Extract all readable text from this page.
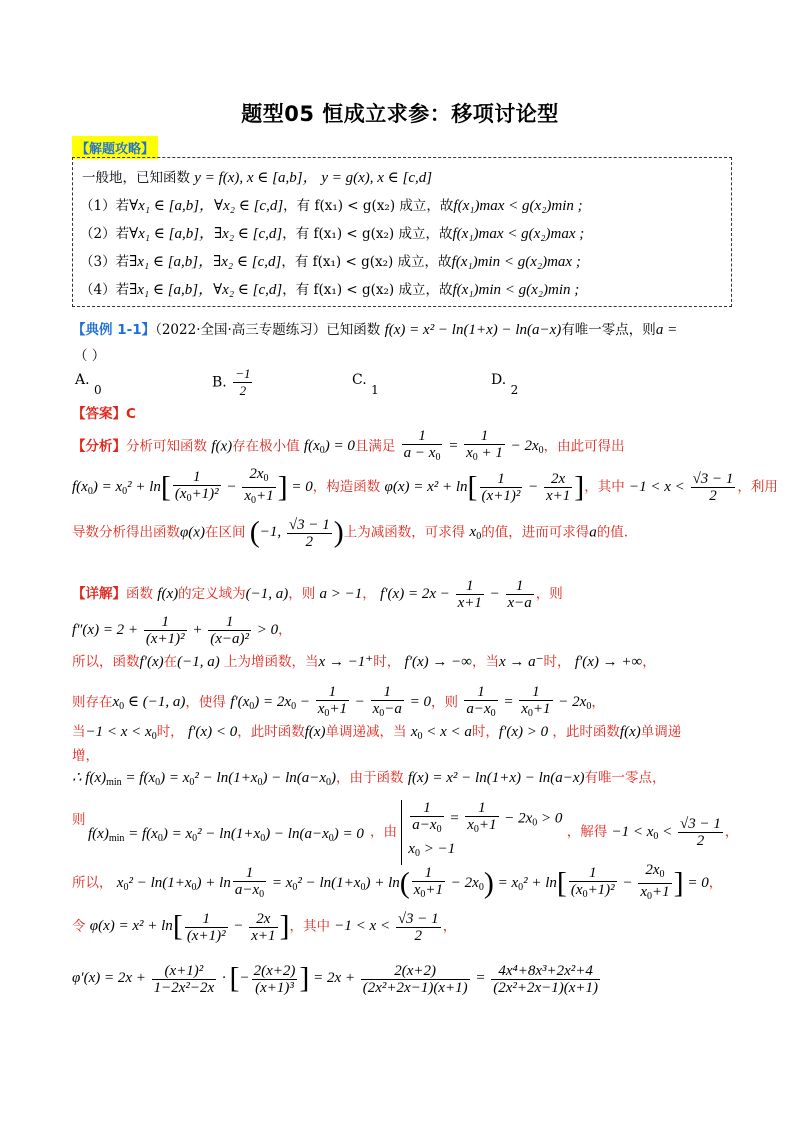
题型05 恒成立求参：移项讨论型
【解题攻略】
一般地，已知函数 y = f(x), x ∈ [a,b]， y = g(x), x ∈ [c,d]
（1）若∀x₁ ∈ [a,b]，∀x₂ ∈ [c,d]，有 f(x₁) < g(x₂) 成立，故f(x₁)max < g(x₂)min ;
（2）若∀x₁ ∈ [a,b]，∃x₂ ∈ [c,d]，有 f(x₁) < g(x₂) 成立，故f(x₁)max < g(x₂)max ;
（3）若∃x₁ ∈ [a,b]，∃x₂ ∈ [c,d]，有 f(x₁) < g(x₂) 成立，故f(x₁)min < g(x₂)max ;
（4）若∃x₁ ∈ [a,b]，∀x₂ ∈ [c,d]，有 f(x₁) < g(x₂) 成立，故f(x₁)min < g(x₂)min ;
【典例 1-1】（2022·全国·高三专题练习）已知函数 f(x) = x² − ln(1+x) − ln(a−x)有唯一零点，则a =
（ ）
A. 0	B. $\frac{-1}{2}$	C. 1
D. 2
【答案】C
【分析】分析可知函数 f(x)存在极小值 $f(x_0) = 0$且满足 $\frac{1}{a - x_0} = \frac{1}{x_0 + 1} - 2x_0$，由此可得出
$f(x_0) = x_0^2 + \ln[ \frac{1}{(x_0+1)^2} - \frac{2x_0}{x_0+1}$ ] = 0，构造函数 $\varphi(x) = x^2 + \ln[ \frac{1}{\text{(x+1)²}} - \frac{2x}{x+1}$ ]，其中 $-1 < x < \frac{√3 - 1}{2}$ ，利用
导数分析得出函数φ(x)在区间 (−1, $\frac{√3 - 1}{2}$ )上为减函数，可求得 $x_0$的值，进而可求得a的值.
【详解】函数 f(x)的定义域为(−1, a)，则 a > −1， $f'(x) = 2x - \frac{1}{x+1} - \frac{1}{x-a}$ ，则
$f''(x) = 2 + \frac{1}{\text{(x+1)²}} + \frac{1}{\text{(x−a)²}} > 0$，
所以，函数f′(x)在(−1, a) 上为增函数，当x → −1⁺时， f′(x) → −∞，当x → a⁻时， f′(x) → +∞，
则存在$x_0$ ∈ (−1, a)，使得 $f'(x_0) = 2x_0 - \frac{1}{x_0+1} - \frac{1}{x_0-a} = 0$，则 $\frac{1}{a-x_0} = \frac{1}{x_0+1} - 2x_0$，
当$-1 < x < x_0$时， f′(x) < 0，此时函数f(x)单调递减，当 $x_0 < x < a$时，f′(x) > 0 ，此时函数f(x)单调递
增，
∴ $f(x)_{min} = f(x_0) = x_0^2 - \ln(1+x_0) - \ln(a-x_0)$，由于函数 f(x) = x² − ln(1+x) − ln(a−x)有唯一零点，
则
$f(x)_{min} = f(x_0) = x_0^2 - \ln(1+x_0) - \ln(a-x_0) = 0$ ，由 $\frac{1}{a-x_0} = \frac{1}{x_0+1} - 2x_0 > 0$
$x_0 > -1$
，解得 $-1 < x_0 < \frac{√3 - 1}{2}$ ，
所以， $x_0^2 - \ln(1+x_0) + \ln \frac{1}{a-x_0} = x_0^2 - \ln(1+x_0) + \ln( \frac{1}{x_0+1} - 2x_0) = x_0^2 + \ln[ \frac{1}{(x_0+1)^2} - \frac{2x_0}{x_0+1}$ ] = 0，
令 $\varphi(x) = x^2 + \ln[ \frac{1}{\text{(x+1)²}} - \frac{2x}{x+1}$ ]，其中 $-1 < x < \frac{√3 - 1}{2}$ ，
$\varphi'(x) = 2x + \frac{\text{(x+1)²}}{\text{1−2x²−2x}}$ · [− $\frac{2(x+2)}{\text{(x+1)³}}$ ] = $2x + \frac{2(x+2)}{\text{(2x²+2x−1)(x+1)}} = \frac{\text{4x⁴+8x³+2x²+4}}{\text{(2x²+2x−1)(x+1)}}$
